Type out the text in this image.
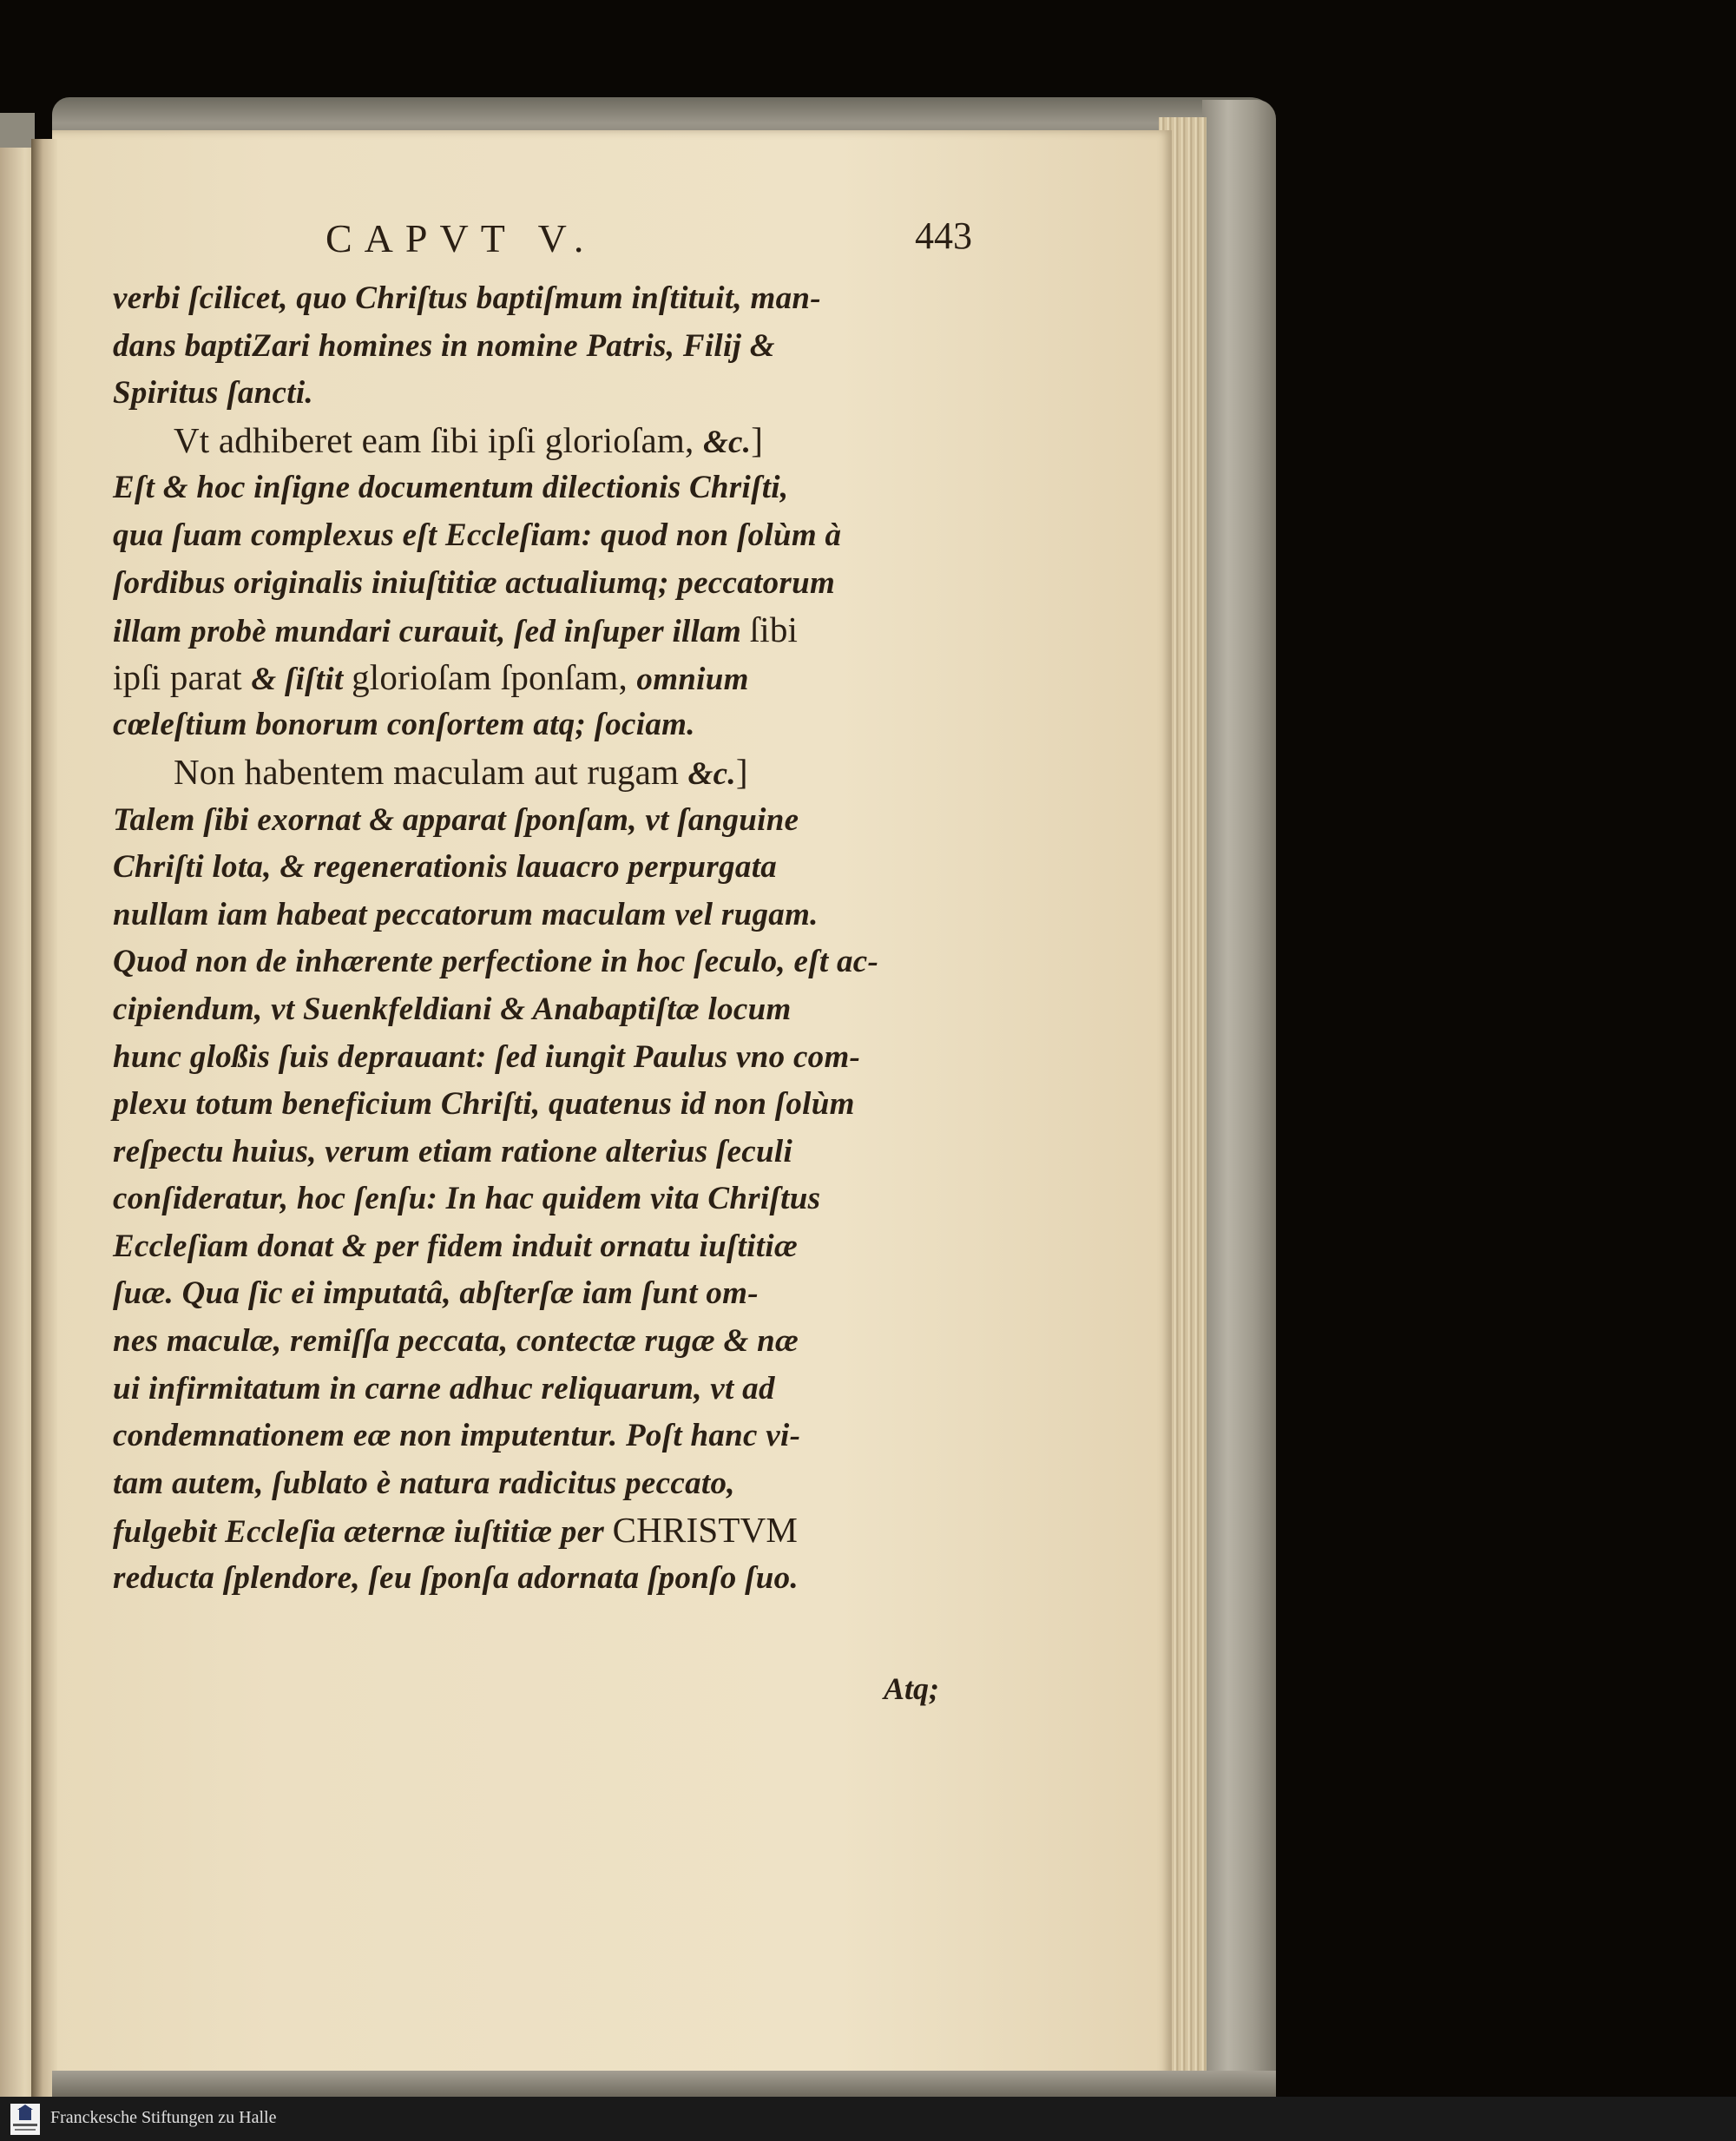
CAPVT V.	443
verbi ſcilicet, quo Chriſtus baptiſmum inſtituit, man-
dans baptiZari homines in nomine Patris, Filij &
Spiritus ſancti.
Vt adhiberet eam ſibi ipſi glorioſam, &c.]
Eſt & hoc inſigne documentum dilectionis Chriſti,
qua ſuam complexus eſt Eccleſiam: quod non ſolùm à
ſordibus originalis iniuſtitiæ actualiumq; peccatorum
illam probè mundari curauit, ſed inſuper illam ſibi
ipſi parat & ſiſtit glorioſam ſponſam, omnium
cœleſtium bonorum conſortem atq; ſociam.
Non habentem maculam aut rugam &c.]
Talem ſibi exornat & apparat ſponſam, vt ſanguine
Chriſti lota, & regenerationis lauacro perpurgata
nullam iam habeat peccatorum maculam vel rugam.
Quod non de inhærente perfectione in hoc ſeculo, eſt ac-
cipiendum, vt Suenkfeldiani & Anabaptiſtæ locum
hunc gloßis ſuis deprauant: ſed iungit Paulus vno com-
plexu totum beneficium Chriſti, quatenus id non ſolùm
reſpectu huius, verum etiam ratione alterius ſeculi
conſideratur, hoc ſenſu: In hac quidem vita Chriſtus
Eccleſiam donat & per fidem induit ornatu iuſtitiæ
ſuæ. Qua ſic ei imputatâ, abſterſæ iam ſunt om-
nes maculæ, remiſſa peccata, contectæ rugæ & næ
ui infirmitatum in carne adhuc reliquarum, vt ad
condemnationem eæ non imputentur. Poſt hanc vi-
tam autem, ſublato è natura radicitus peccato,
fulgebit Eccleſia æternæ iuſtitiæ per CHRISTVM
reducta ſplendore, ſeu ſponſa adornata ſponſo ſuo.
Atq;
Franckesche Stiftungen zu Halle
